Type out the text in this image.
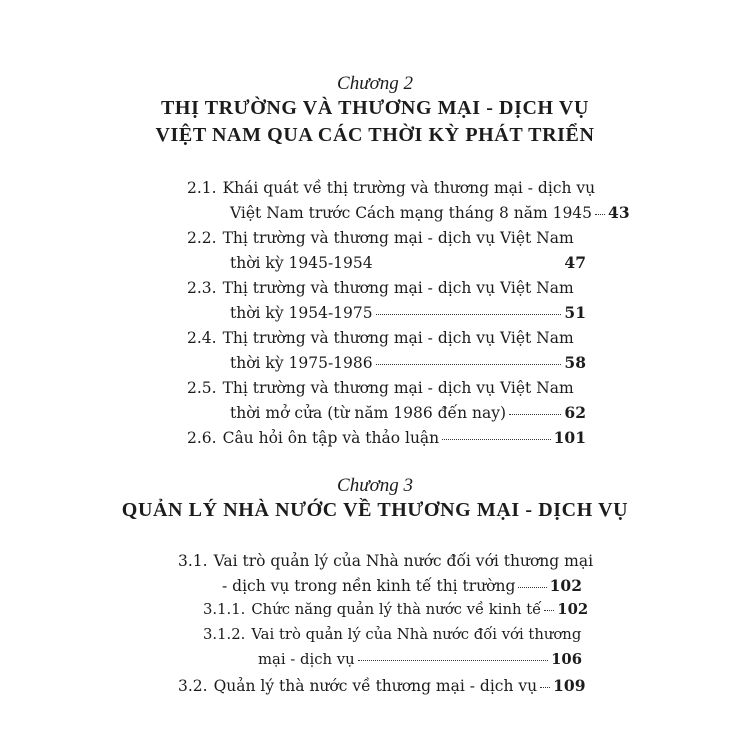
Chương 2
THỊ TRƯỜNG VÀ THƯƠNG MẠI - DỊCH VỤ
VIỆT NAM QUA CÁC THỜI KỲ PHÁT TRIỂN
2.1. Khái quát về thị trường và thương mại - dịch vụ
Việt Nam trước Cách mạng tháng 8 năm 1945 43
2.2. Thị trường và thương mại - dịch vụ Việt Nam
thời kỳ 1945-1954	47
2.3. Thị trường và thương mại - dịch vụ Việt Nam
thời kỳ 1954-1975	51
2.4. Thị trường và thương mại - dịch vụ Việt Nam
thời kỳ 1975-1986	58
2.5. Thị trường và thương mại - dịch vụ Việt Nam
thời mở cửa (từ năm 1986 đến nay)	62
2.6. Câu hỏi ôn tập và thảo luận	101
Chương 3
QUẢN LÝ NHÀ NƯỚC VỀ THƯƠNG MẠI - DỊCH VỤ
3.1. Vai trò quản lý của Nhà nước đối với thương mại
- dịch vụ trong nền kinh tế thị trường 102
3.1.1. Chức năng quản lý thà nước về kinh tế 102
3.1.2. Vai trò quản lý của Nhà nước đối với thương
mại - dịch vụ	106
3.2. Quản lý thà nước về thương mại - dịch vụ 109
